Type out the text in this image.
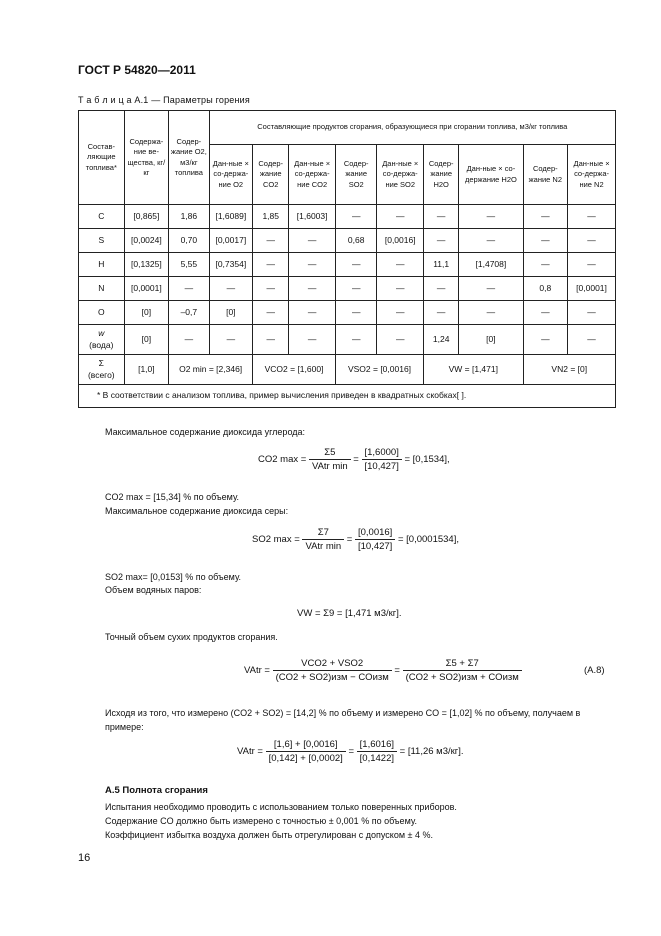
ГОСТ Р 54820—2011
Т а б л и ц а А.1 — Параметры горения
Состав-ляющие топлива*	Содержа-ние ве-щества, кг/кг	Содер-жание O2, м3/кг топлива	Составляющие продуктов сгорания, образующиеся при сгорании топлива, м3/кг топлива								
			Дан-ные × со-держа-ние O2	Содер-жание CO2	Дан-ные × со-держа-ние CO2	Содер-жание SO2	Дан-ные × со-держа-ние SO2	Содер-жание H2O	Дан-ные × со-держание H2O	Содер-жание N2	Дан-ные × со-держа-ние N2
C	[0,865]	1,86	[1,6089]	1,85	[1,6003]	—	—	—	—	—	—
S	[0,0024]	0,70	[0,0017]	—	—	0,68	[0,0016]	—	—	—	—
H	[0,1325]	5,55	[0,7354]	—	—	—	—	11,1	[1,4708]	—	—
N	[0,0001]	—	—	—	—	—	—	—	—	0,8	[0,0001]
O	[0]	–0,7	[0]	—	—	—	—	—	—	—	—
w
(вода)	[0]	—	—	—	—	—	—	1,24	[0]	—	—
Σ
(всего)	[1,0]	O2 min = [2,346]		VCO2 = [1,600]		VSO2 = [0,0016]		VW = [1,471]		VN2 = [0]	
* В соответствии с анализом топлива, пример вычисления приведен в квадратных скобках[ ].											
Максимальное содержание диоксида углерода:
CO2 $\max = \frac{\Sigma 5}{\text{VAtr min}} = \frac{[1,6000]}{[10,427]} = [0,1534]$,
CO2 max = [15,34] % по объему.
Максимальное содержание диоксида серы:
SO2 $\max = \frac{\Sigma 7}{\text{VAtr min}} = \frac{[0,0016]}{[10,427]} = [0,0001534]$,
SO2 max= [0,0153] % по объему.
Объем водяных паров:
VW = Σ9 = [1,471 м3/кг].
Точный объем сухих продуктов сгорания.
VAtr = $\frac{\text{VCO2 + VSO2}}{\text{(CO2 + SO2)изм − COизм}} = \frac{\Sigma 5 + \Sigma 7}{\text{(CO2 + SO2)изм + COизм}}$	(А.8)
Исходя из того, что измерено (CO2 + SO2) = [14,2] % по объему и измерено CO = [1,02] % по объему, получаем в примере:
VAtr = $\frac{[1,6] + [0,0016]}{[0,142] + [0,0002]} = \frac{[1,6016]}{[0,1422]} = [11,26$ м3/кг].
А.5 Полнота сгорания
Испытания необходимо проводить с использованием только поверенных приборов.
Содержание CO должно быть измерено с точностью ± 0,001 % по объему.
Коэффициент избытка воздуха должен быть отрегулирован с допуском ± 4 %.
16
